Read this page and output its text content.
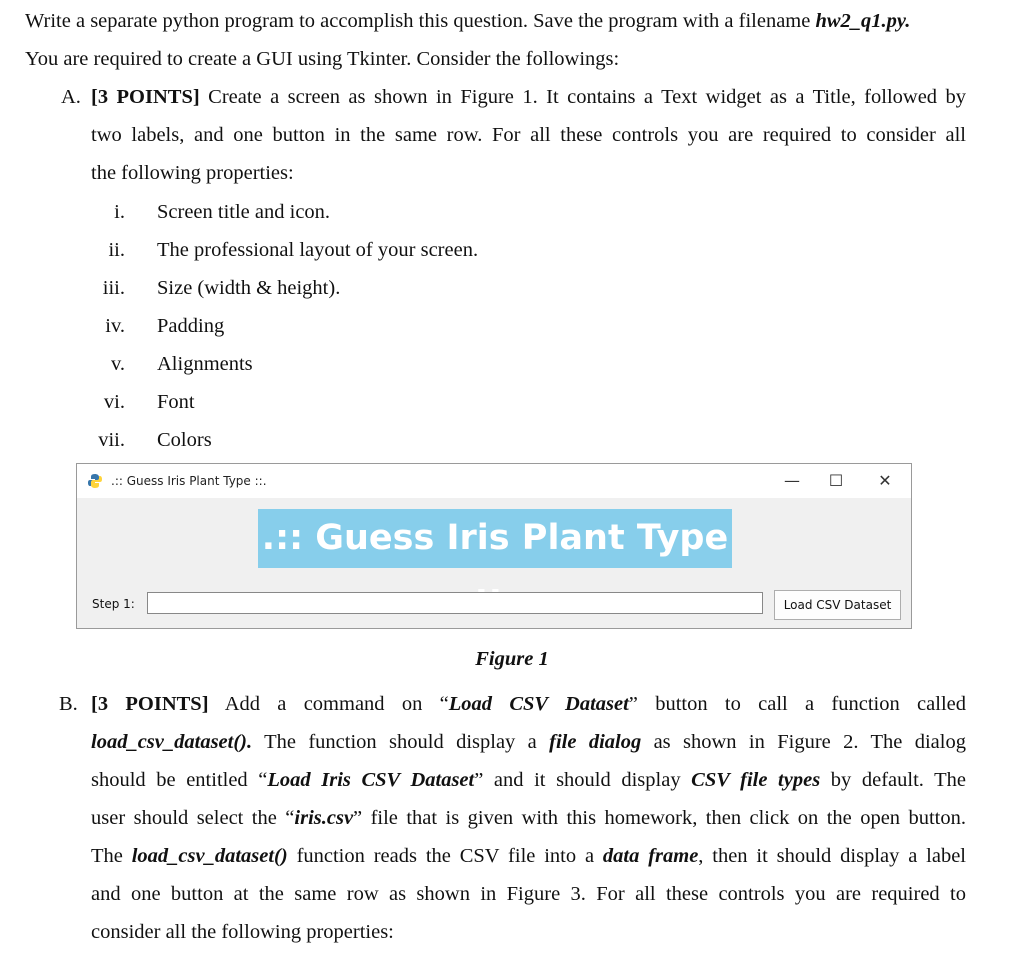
Write a separate python program to accomplish this question. Save the program with a filename hw2_q1.py.
You are required to create a GUI using Tkinter. Consider the followings:
A. [3 POINTS] Create a screen as shown in Figure 1. It contains a Text widget as a Title, followed by
two labels, and one button in the same row. For all these controls you are required to consider all
the following properties:
i. Screen title and icon.
ii. The professional layout of your screen.
iii. Size (width & height).
iv. Padding
v. Alignments
vi. Font
vii. Colors
.:: Guess Iris Plant Type ::.	—	☐	✕
.:: Guess Iris Plant Type
Step 1:	Load CSV Dataset
Figure 1
B. [3 POINTS] Add a command on “Load CSV Dataset” button to call a function called
load_csv_dataset(). The function should display a file dialog as shown in Figure 2. The dialog
should be entitled “Load Iris CSV Dataset” and it should display CSV file types by default. The
user should select the “iris.csv” file that is given with this homework, then click on the open button.
The load_csv_dataset() function reads the CSV file into a data frame, then it should display a label
and one button at the same row as shown in Figure 3. For all these controls you are required to
consider all the following properties:
